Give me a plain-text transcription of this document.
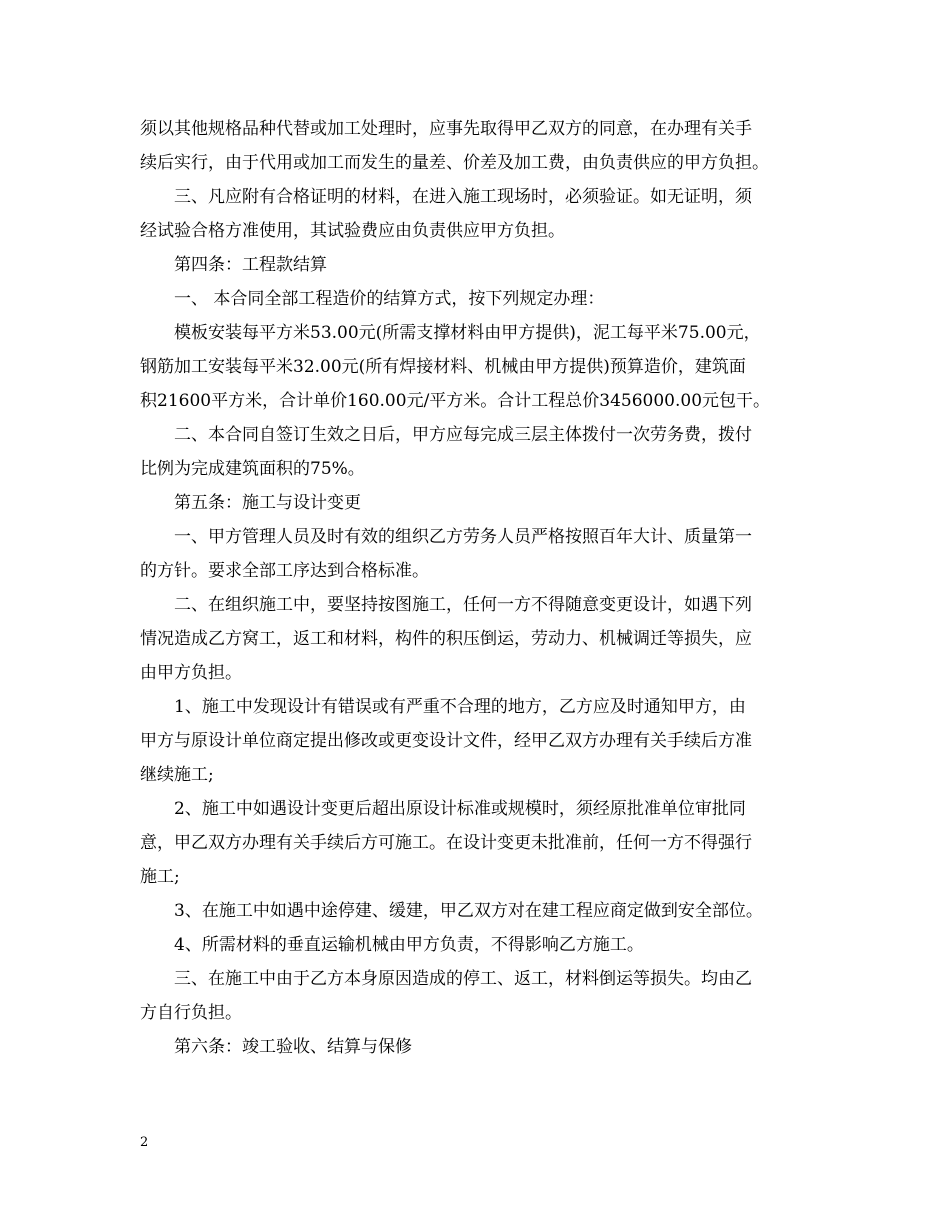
须以其他规格品种代替或加工处理时，应事先取得甲乙双方的同意，在办理有关手
续后实行，由于代用或加工而发生的量差、价差及加工费，由负责供应的甲方负担。
三、凡应附有合格证明的材料，在进入施工现场时，必须验证。如无证明，须
经试验合格方准使用，其试验费应由负责供应甲方负担。
第四条：工程款结算
一、 本合同全部工程造价的结算方式，按下列规定办理：
模板安装每平方米53.00元(所需支撑材料由甲方提供)，泥工每平米75.00元，
钢筋加工安装每平米32.00元(所有焊接材料、机械由甲方提供)预算造价，建筑面
积21600平方米，合计单价160.00元/平方米。合计工程总价3456000.00元包干。
二、本合同自签订生效之日后，甲方应每完成三层主体拨付一次劳务费，拨付
比例为完成建筑面积的75%。
第五条：施工与设计变更
一、甲方管理人员及时有效的组织乙方劳务人员严格按照百年大计、质量第一
的方针。要求全部工序达到合格标准。
二、在组织施工中，要坚持按图施工，任何一方不得随意变更设计，如遇下列
情况造成乙方窝工，返工和材料，构件的积压倒运，劳动力、机械调迁等损失，应
由甲方负担。
1、施工中发现设计有错误或有严重不合理的地方，乙方应及时通知甲方，由
甲方与原设计单位商定提出修改或更变设计文件，经甲乙双方办理有关手续后方准
继续施工;
2、施工中如遇设计变更后超出原设计标准或规模时，须经原批准单位审批同
意，甲乙双方办理有关手续后方可施工。在设计变更未批准前，任何一方不得强行
施工;
3、在施工中如遇中途停建、缓建，甲乙双方对在建工程应商定做到安全部位。
4、所需材料的垂直运输机械由甲方负责，不得影响乙方施工。
三、在施工中由于乙方本身原因造成的停工、返工，材料倒运等损失。均由乙
方自行负担。
第六条：竣工验收、结算与保修
2
